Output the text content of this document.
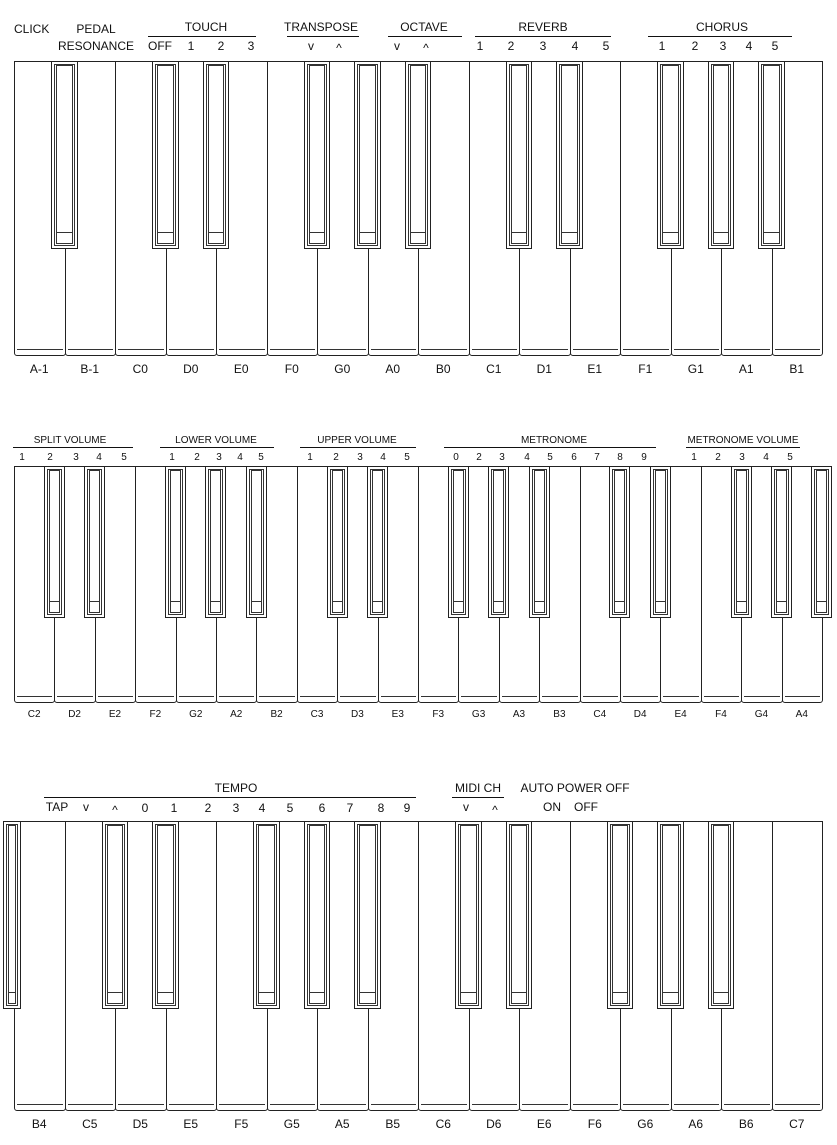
CLICK PEDAL
RESONANCE
TOUCH
OFF 1 2 3
TRANSPOSE
v ^
OCTAVE
v ^
REVERB
1 2 3 4 5
CHORUS
1 2 3 4 5
A-1	B-1	C0	D0	E0	F0	G0	A0	B0	C1	D1	E1	F1	G1	A1	B1
SPLIT VOLUME
1 2 3 4 5
LOWER VOLUME
1 2 3 4 5
UPPER VOLUME
1 2 3 4 5
METRONOME
0 2 3 4 5 6 7 8 9
METRONOME VOLUME
1 2 3 4 5
C2	D2	E2	F2	G2	A2	B2	C3	D3	E3	F3	G3	A3	B3	C4	D4	E4	F4	G4	A4
TEMPO
TAP v ^ 0 1 2 3 4 5 6 7 8 9
MIDI CH
v ^
AUTO POWER OFF
ON OFF
B4	C5	D5	E5	F5	G5	A5	B5	C6	D6	E6	F6	G6	A6	B6	C7
